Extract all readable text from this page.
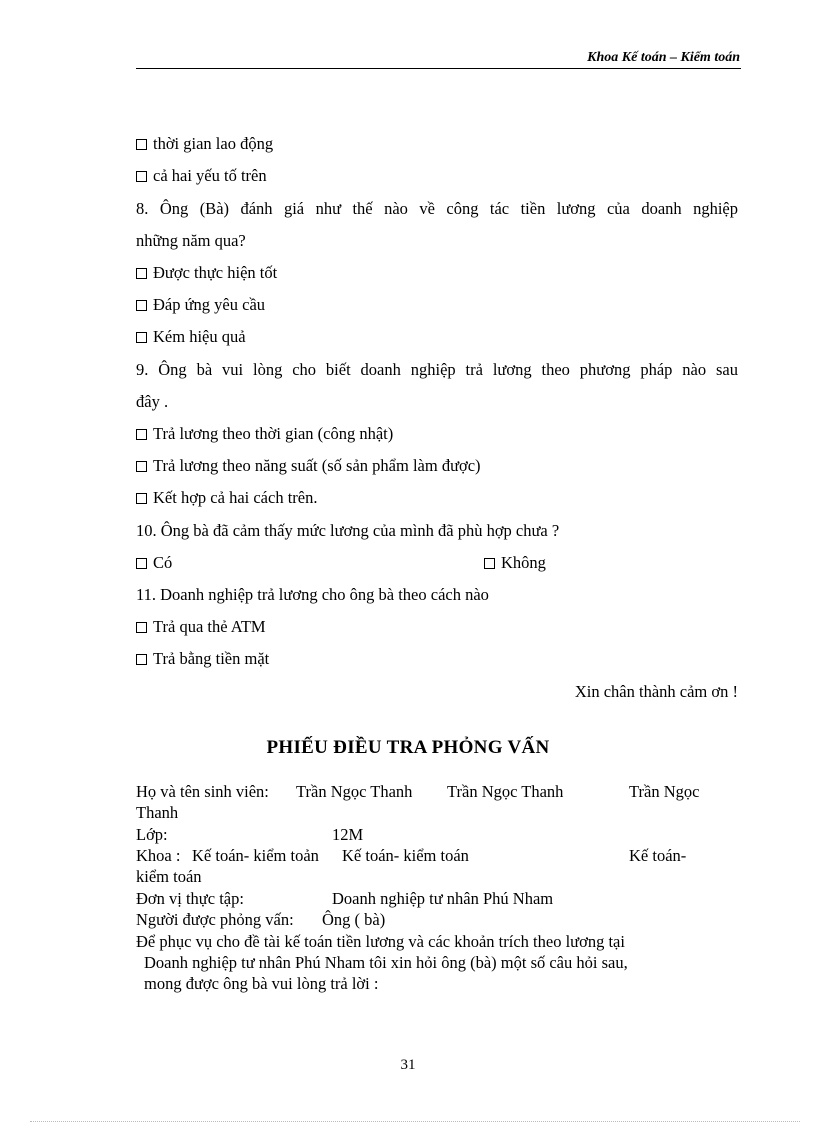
Khoa Kế toán – Kiểm toán
thời gian lao động
cả hai yếu tố trên
8. Ông (Bà) đánh giá như thế nào về công tác tiền lương của doanh nghiệp
những năm qua?
Được thực hiện tốt
Đáp ứng yêu cầu
Kém hiệu quả
9. Ông bà vui lòng cho biết doanh nghiệp trả lương theo phương pháp nào sau
đây .
Trả lương theo thời gian (công nhật)
Trả lương theo năng suất (số sản phẩm làm được)
Kết hợp cả hai cách trên.
10. Ông bà đã cảm thấy mức lương của mình đã phù hợp chưa ?
Có	Không
11. Doanh nghiệp trả lương cho ông bà theo cách nào
Trả qua thẻ ATM
Trả bằng tiền mặt
Xin chân thành cảm ơn !
PHIẾU ĐIỀU TRA PHỎNG VẤN
Họ và tên sinh viên: Trần Ngọc Thanh Trần Ngọc Thanh	Trần Ngọc
Thanh
Lớp:	12M
Khoa : Kế toán- kiểm toản Kế toán- kiểm toán	Kế toán-
kiểm toán
Đơn vị thực tập:	Doanh nghiệp tư nhân Phú Nham
Người được phỏng vấn: Ông ( bà)
Để phục vụ cho đề tài kế toán tiền lương và các khoản trích theo lương tại
Doanh nghiệp tư nhân Phú Nham tôi xin hỏi ông (bà) một số câu hỏi sau,
mong được ông bà vui lòng trả lời :
31
